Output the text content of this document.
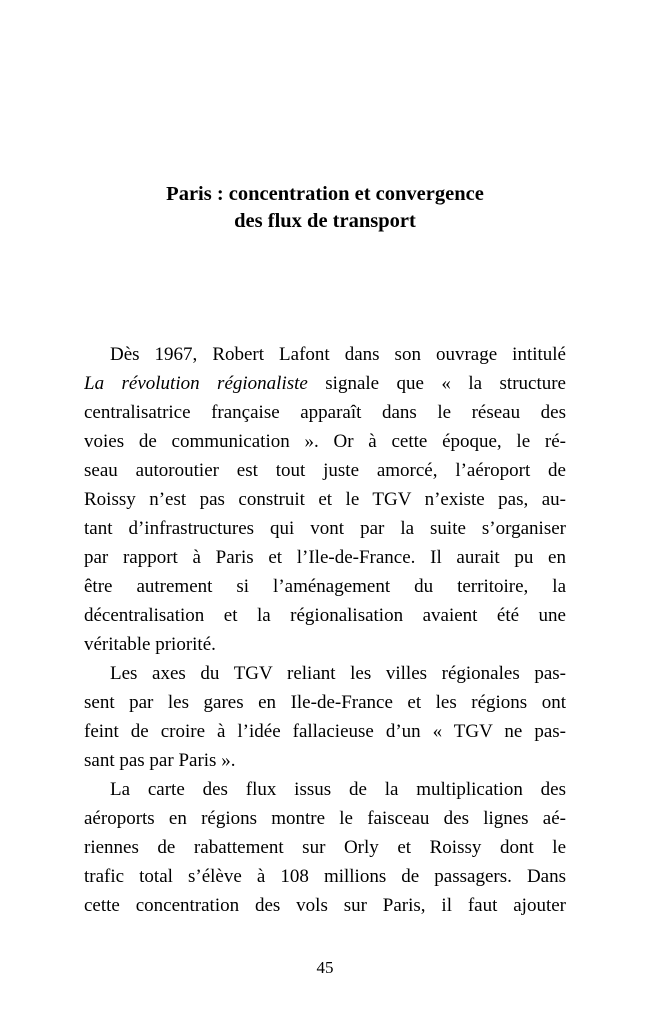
Paris : concentration et convergence
des flux de transport
Dès 1967, Robert Lafont dans son ouvrage intitulé
La révolution régionaliste signale que « la structure
centralisatrice française apparaît dans le réseau des
voies de communication ». Or à cette époque, le ré-
seau autoroutier est tout juste amorcé, l’aéroport de
Roissy n’est pas construit et le TGV n’existe pas, au-
tant d’infrastructures qui vont par la suite s’organiser
par rapport à Paris et l’Ile-de-France. Il aurait pu en
être autrement si l’aménagement du territoire, la
décentralisation et la régionalisation avaient été une
véritable priorité.
Les axes du TGV reliant les villes régionales pas-
sent par les gares en Ile-de-France et les régions ont
feint de croire à l’idée fallacieuse d’un « TGV ne pas-
sant pas par Paris ».
La carte des flux issus de la multiplication des
aéroports en régions montre le faisceau des lignes aé-
riennes de rabattement sur Orly et Roissy dont le
trafic total s’élève à 108 millions de passagers. Dans
cette concentration des vols sur Paris, il faut ajouter
45
